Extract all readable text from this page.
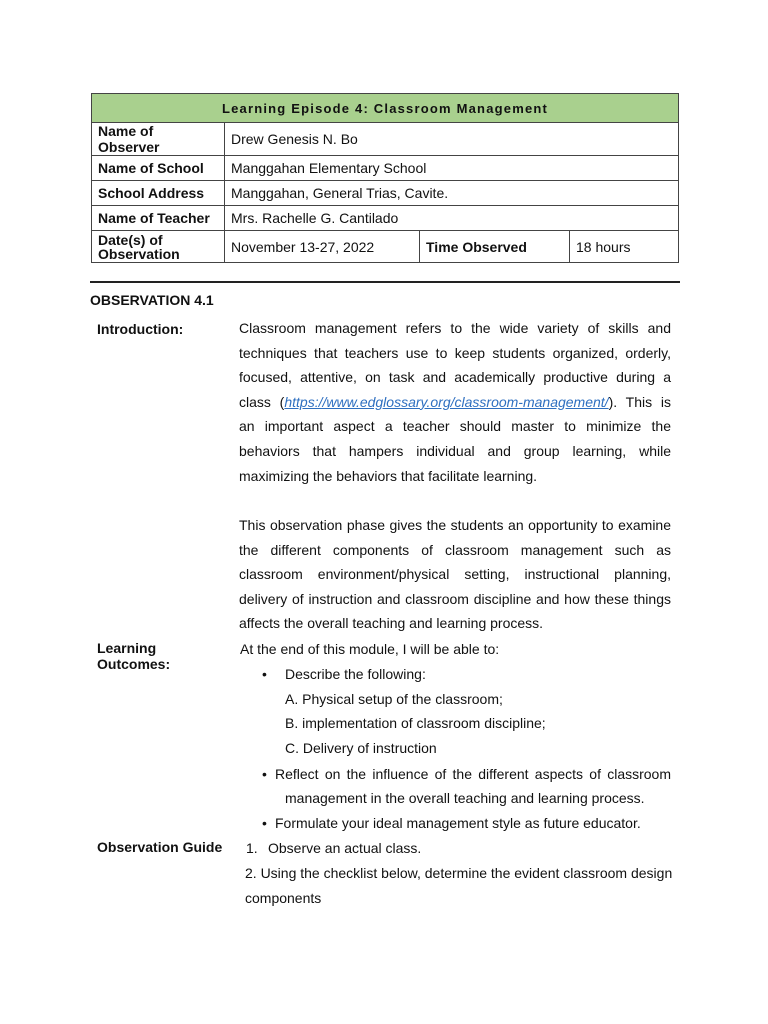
Learning Episode 4: Classroom Management			
Name of Observer	Drew Genesis N. Bo		
Name of School	Manggahan Elementary School		
School Address	Manggahan, General Trias, Cavite.		
Name of Teacher	Mrs. Rachelle G. Cantilado		

Date(s) of
Observation	November 13-27, 2022	Time Observed	18 hours
OBSERVATION 4.1
Introduction:	Classroom management refers to the wide variety of skills and techniques that teachers use to keep students organized, orderly, focused, attentive, on task and academically productive during a class (https://www.edglossary.org/classroom-management/). This is an important aspect a teacher should master to minimize the behaviors that hampers individual and group learning, while maximizing the behaviors that facilitate learning.
This observation phase gives the students an opportunity to examine the different components of classroom management such as classroom environment/physical setting, instructional planning, delivery of instruction and classroom discipline and how these things affects the overall teaching and learning process.
Learning
Outcomes:
At the end of this module, I will be able to:
• Describe the following:
A. Physical setup of the classroom;
B. implementation of classroom discipline;
C. Delivery of instruction
• Reflect on the influence of the different aspects of classroom
management in the overall teaching and learning process.
• Formulate your ideal management style as future educator.
Observation Guide 1. Observe an actual class.
2. Using the checklist below, determine the evident classroom design
components
